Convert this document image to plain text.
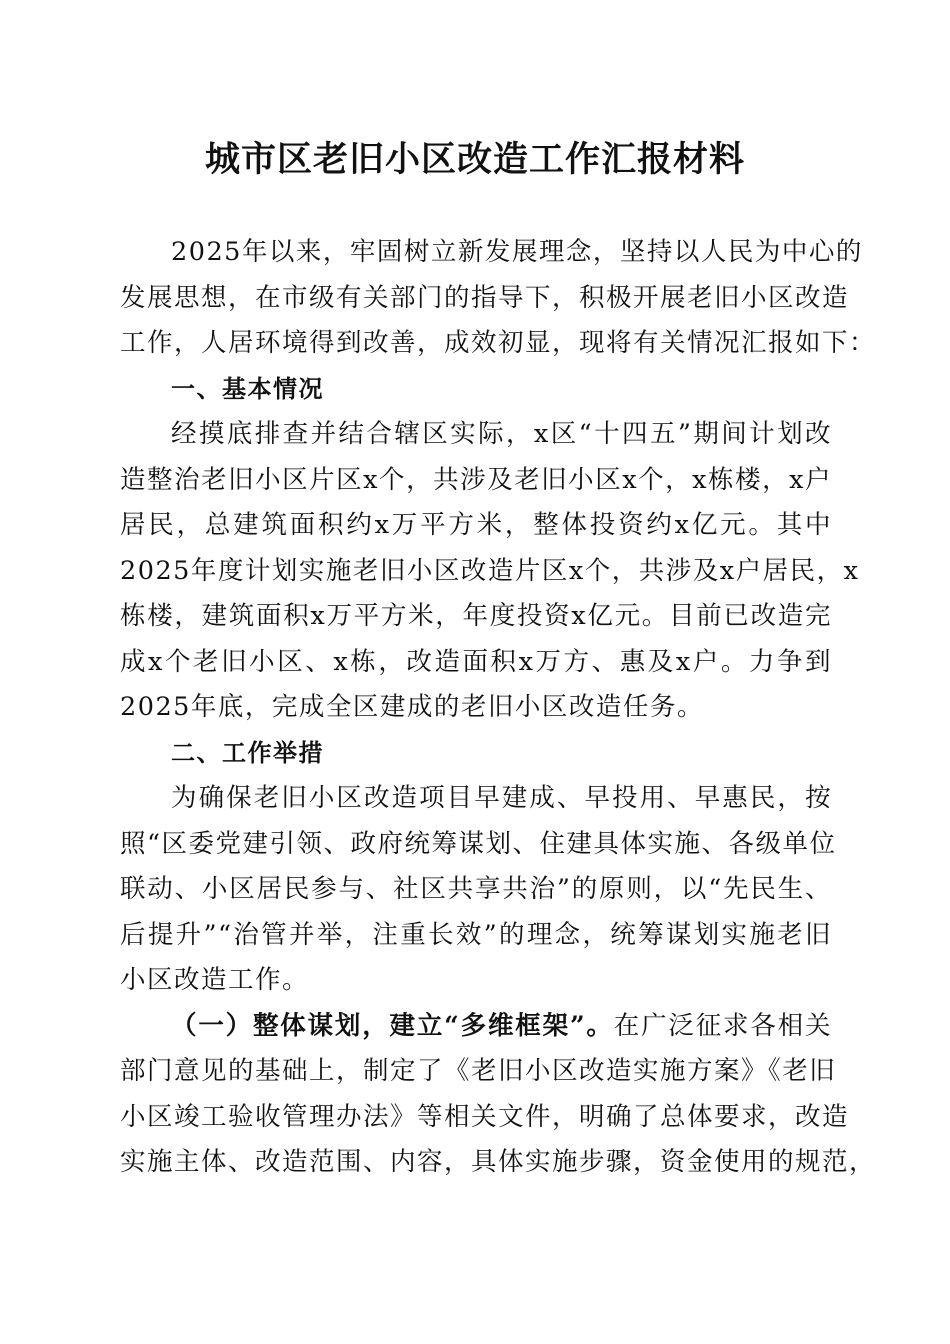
城市区老旧小区改造工作汇报材料
2025年以来，牢固树立新发展理念，坚持以人民为中心的
发展思想，在市级有关部门的指导下，积极开展老旧小区改造
工作，人居环境得到改善，成效初显，现将有关情况汇报如下：
一、基本情况
经摸底排查并结合辖区实际，x区“十四五”期间计划改
造整治老旧小区片区x个，共涉及老旧小区x个，x栋楼，x户
居民，总建筑面积约x万平方米，整体投资约x亿元。其中
2025年度计划实施老旧小区改造片区x个，共涉及x户居民，x
栋楼，建筑面积x万平方米，年度投资x亿元。目前已改造完
成x个老旧小区、x栋，改造面积x万方、惠及x户。力争到
2025年底，完成全区建成的老旧小区改造任务。
二、工作举措
为确保老旧小区改造项目早建成、早投用、早惠民，按
照“区委党建引领、政府统筹谋划、住建具体实施、各级单位
联动、小区居民参与、社区共享共治”的原则，以“先民生、
后提升”“治管并举，注重长效”的理念，统筹谋划实施老旧
小区改造工作。
（一）整体谋划，建立“多维框架”。在广泛征求各相关
部门意见的基础上，制定了《老旧小区改造实施方案》《老旧
小区竣工验收管理办法》等相关文件，明确了总体要求，改造
实施主体、改造范围、内容，具体实施步骤，资金使用的规范，
